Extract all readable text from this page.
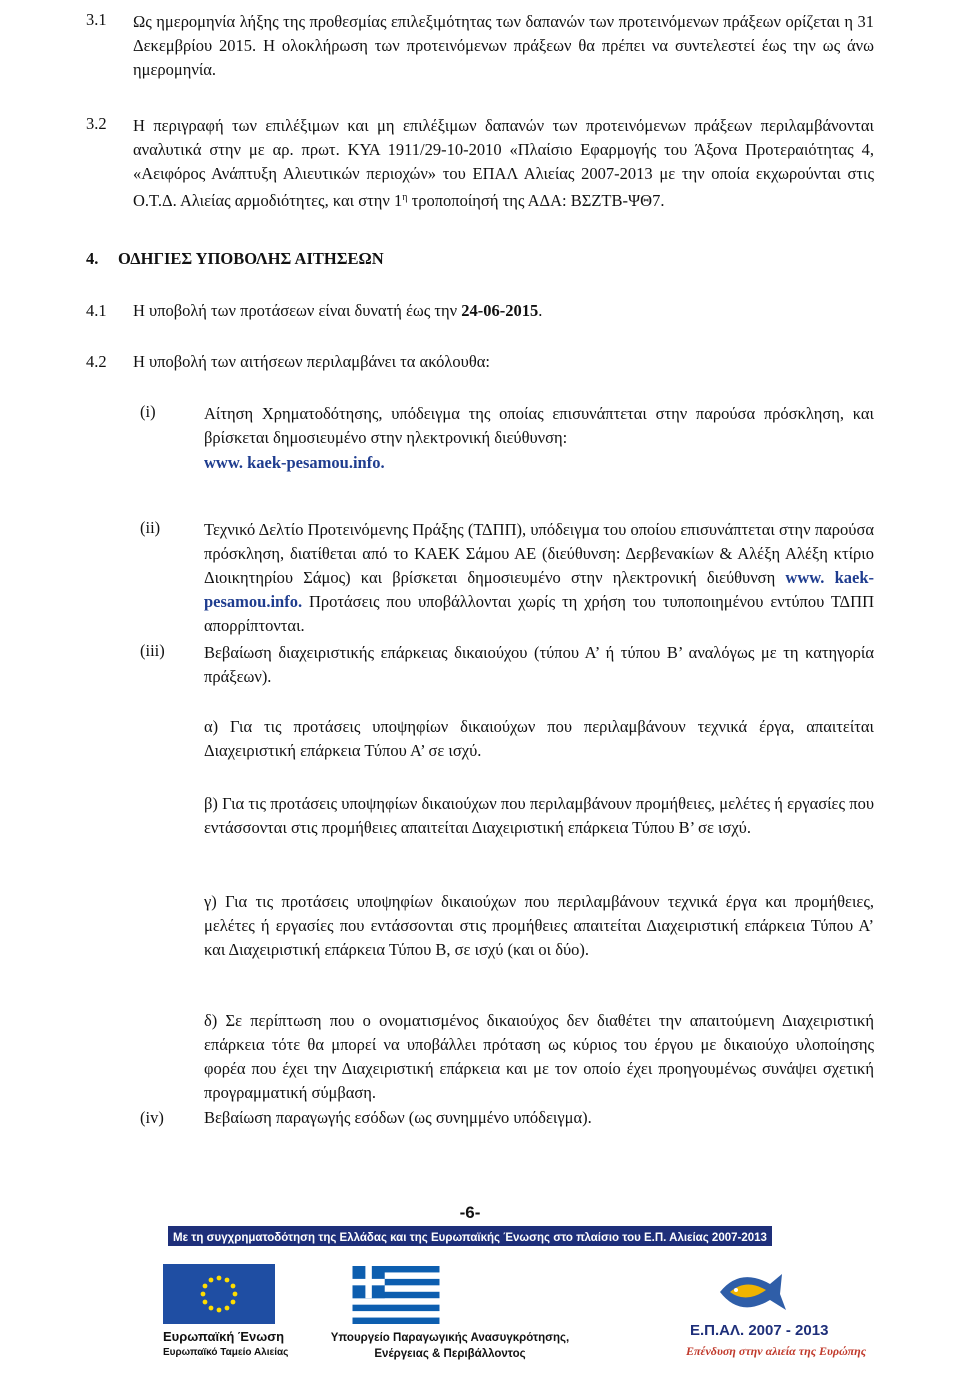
3.1 Ως ημερομηνία λήξης της προθεσμίας επιλεξιμότητας των δαπανών των προτεινόμενων πράξεων ορίζεται η 31 Δεκεμβρίου 2015. Η ολοκλήρωση των προτεινόμενων πράξεων θα πρέπει να συντελεστεί έως την ως άνω ημερομηνία.
3.2 Η περιγραφή των επιλέξιμων και μη επιλέξιμων δαπανών των προτεινόμενων πράξεων περιλαμβάνονται αναλυτικά στην με αρ. πρωτ. ΚΥΑ 1911/29-10-2010 «Πλαίσιο Εφαρμογής του Άξονα Προτεραιότητας 4, «Αειφόρος Ανάπτυξη Αλιευτικών περιοχών» του ΕΠΑΛ Αλιείας 2007-2013 με την οποία εκχωρούνται στις Ο.Τ.Δ. Αλιείας αρμοδιότητες, και στην $1^\eta$ τροποποίησή της ΑΔΑ: ΒΣΖΤΒ-ΨΘ7.
4. ΟΔΗΓΙΕΣ ΥΠΟΒΟΛΗΣ ΑΙΤΗΣΕΩΝ
4.1 Η υποβολή των προτάσεων είναι δυνατή έως την 24-06-2015.
4.2 Η υποβολή των αιτήσεων περιλαμβάνει τα ακόλουθα:
(i)	Αίτηση Χρηματοδότησης, υπόδειγμα της οποίας επισυνάπτεται στην παρούσα πρόσκληση, και βρίσκεται δημοσιευμένο στην ηλεκτρονική διεύθυνση:
www. kaek-pesamou.info.
(ii)	Τεχνικό Δελτίο Προτεινόμενης Πράξης (ΤΔΠΠ), υπόδειγμα του οποίου επισυνάπτεται στην παρούσα πρόσκληση, διατίθεται από το ΚΑΕΚ Σάμου ΑΕ (διεύθυνση: Δερβενακίων & Αλέξη Αλέξη κτίριο Διοικητηρίου Σάμος) και βρίσκεται δημοσιευμένο στην ηλεκτρονική διεύθυνση www. kaek-pesamou.info. Προτάσεις που υποβάλλονται χωρίς τη χρήση του τυποποιημένου εντύπου ΤΔΠΠ απορρίπτονται.
(iii) Βεβαίωση διαχειριστικής επάρκειας δικαιούχου (τύπου Α’ ή τύπου Β’ αναλόγως με τη κατηγορία πράξεων).
α) Για τις προτάσεις υποψηφίων δικαιούχων που περιλαμβάνουν τεχνικά έργα, απαιτείται Διαχειριστική επάρκεια Τύπου Α’ σε ισχύ.
β) Για τις προτάσεις υποψηφίων δικαιούχων που περιλαμβάνουν προμήθειες, μελέτες ή εργασίες που εντάσσονται στις προμήθειες απαιτείται Διαχειριστική επάρκεια Τύπου Β’ σε ισχύ.
γ) Για τις προτάσεις υποψηφίων δικαιούχων που περιλαμβάνουν τεχνικά έργα και προμήθειες, μελέτες ή εργασίες που εντάσσονται στις προμήθειες απαιτείται Διαχειριστική επάρκεια Τύπου Α’ και Διαχειριστική επάρκεια Τύπου Β, σε ισχύ (και οι δύο).
δ) Σε περίπτωση που ο ονοματισμένος δικαιούχος δεν διαθέτει την απαιτούμενη Διαχειριστική επάρκεια τότε θα μπορεί να υποβάλλει πρόταση ως κύριος του έργου με δικαιούχο υλοποίησης φορέα που έχει την Διαχειριστική επάρκεια και με τον οποίο έχει προηγουμένως συνάψει σχετική προγραμματική σύμβαση.
(iv) Βεβαίωση παραγωγής εσόδων (ως συνημμένο υπόδειγμα).
-6-
Με τη συγχρηματοδότηση της Ελλάδας και της Ευρωπαϊκής Ένωσης στο πλαίσιο του Ε.Π. Αλιείας 2007-2013
Ευρωπαϊκή Ένωση
Ευρωπαϊκό Ταμείο Αλιείας
Υπουργείο Παραγωγικής Ανασυγκρότησης, Ενέργειας & Περιβάλλοντος
Ε.Π.ΑΛ. 2007 - 2013
Επένδυση στην αλιεία της Ευρώπης
